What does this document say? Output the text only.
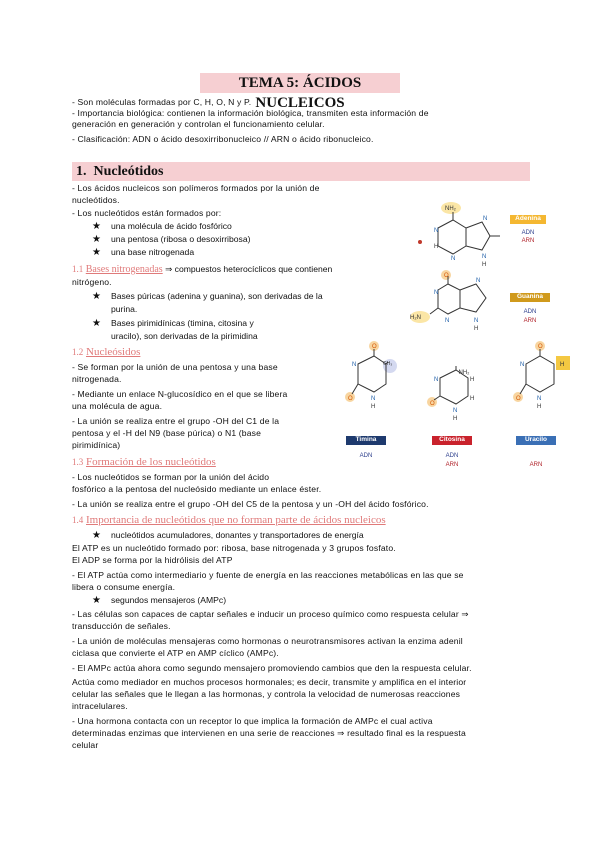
TEMA 5: ÁCIDOS NUCLEICOS
- Son moléculas formadas por C, H, O, N y P.
- Importancia biológica: contienen la información biológica, transmiten esta información de
generación en generación y controlan el funcionamiento celular.
- Clasificación: ADN o ácido desoxirribonucleico // ARN o ácido ribonucleico.
1. Nucleótidos
- Los ácidos nucleicos son polímeros formados por la unión de
nucleótidos.
- Los nucleótidos están formados por:
★ una molécula de ácido fosfórico
★ una pentosa (ribosa o desoxirribosa)
★ una base nitrogenada
1.1 Bases nitrogenadas ⇒ compuestos heterocíclicos que contienen
nitrógeno.
★ Bases púricas (adenina y guanina), son derivadas de la
purina.
★ Bases pirimidínicas (timina, citosina y
uracilo), son derivadas de la pirimidina
1.2 Nucleósidos
- Se forman por la unión de una pentosa y una base
nitrogenada.
- Mediante un enlace N-glucosídico en el que se libera
una molécula de agua.
- La unión se realiza entre el grupo -OH del C1 de la
pentosa y el -H del N9 (base púrica) o N1 (base
pirimidínica)
1.3 Formación de los nucleótidos
- Los nucleótidos se forman por la unión del ácido
fosfórico a la pentosa del nucleósido mediante un enlace éster.
- La unión se realiza entre el grupo -OH del C5 de la pentosa y un -OH del ácido fosfórico.
1.4 Importancia de nucleótidos que no forman parte de ácidos nucleicos
★ nucleótidos acumuladores, donantes y transportadores de energía
El ATP es un nucleótido formado por: ribosa, base nitrogenada y 3 grupos fosfato.
El ADP se forma por la hidrólisis del ATP
- El ATP actúa como intermediario y fuente de energía en las reacciones metabólicas en las que se
libera o consume energía.
★ segundos mensajeros (AMPc)
- Las células son capaces de captar señales e inducir un proceso químico como respuesta celular ⇒
transducción de señales.
- La unión de moléculas mensajeras como hormonas o neurotransmisores activan la enzima adenil
ciclasa que convierte el ATP en AMP cíclico (AMPc).
- El AMPc actúa ahora como segundo mensajero promoviendo cambios que den la respuesta celular.
Actúa como mediador en muchos procesos hormonales; es decir, transmite y amplifica en el interior
celular las señales que le llegan a las hormonas, y controla la velocidad de numerosas reacciones
intracelulares.
- Una hormona contacta con un receptor lo que implica la formación de AMPc el cual activa
determinadas enzimas que intervienen en una serie de reacciones ⇒ resultado final es la respuesta
celular
NH₂
N
H
N
N
N
H
Adenina
ADN
ARN
O
H₂N
N
N
N
N
H
Guanina
ADN
ARN
O
O
CH₃
N
N
H
Timina
ADN
O
N
N
H
H
H
NH₂
Citosina
ADN
ARN
O
O
H
N
N
H
Uracilo
ARN
